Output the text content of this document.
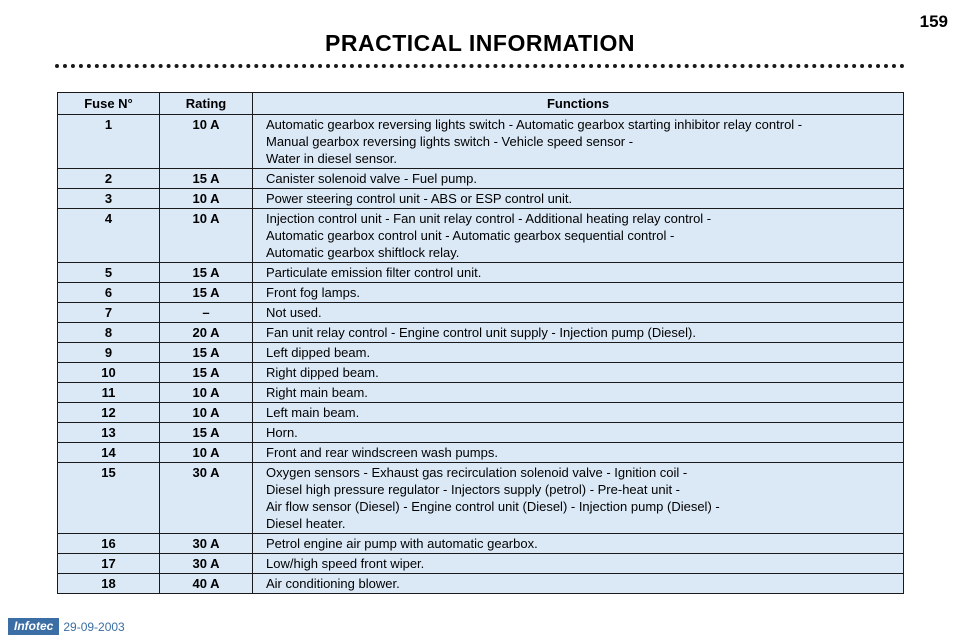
159
PRACTICAL INFORMATION
Fuse N°	Rating	Functions
1	10 A	Automatic gearbox reversing lights switch - Automatic gearbox starting inhibitor relay control -
Manual gearbox reversing lights switch - Vehicle speed sensor -
Water in diesel sensor.

2	15 A	Canister solenoid valve - Fuel pump.

3	10 A	Power steering control unit - ABS or ESP control unit.

4	10 A	Injection control unit - Fan unit relay control - Additional heating relay control -
Automatic gearbox control unit - Automatic gearbox sequential control -
Automatic gearbox shiftlock relay.

5	15 A	Particulate emission filter control unit.

6	15 A	Front fog lamps.

7	–	Not used.

8	20 A	Fan unit relay control - Engine control unit supply - Injection pump (Diesel).

9	15 A	Left dipped beam.

10	15 A	Right dipped beam.

11	10 A	Right main beam.

12	10 A	Left main beam.

13	15 A	Horn.

14	10 A	Front and rear windscreen wash pumps.

15	30 A	Oxygen sensors - Exhaust gas recirculation solenoid valve - Ignition coil -
Diesel high pressure regulator - Injectors supply (petrol) - Pre-heat unit -
Air flow sensor (Diesel) - Engine control unit (Diesel) - Injection pump (Diesel) -
Diesel heater.

16	30 A	Petrol engine air pump with automatic gearbox.

17	30 A	Low/high speed front wiper.

18	40 A	Air conditioning blower.
Infotec 29-09-2003
